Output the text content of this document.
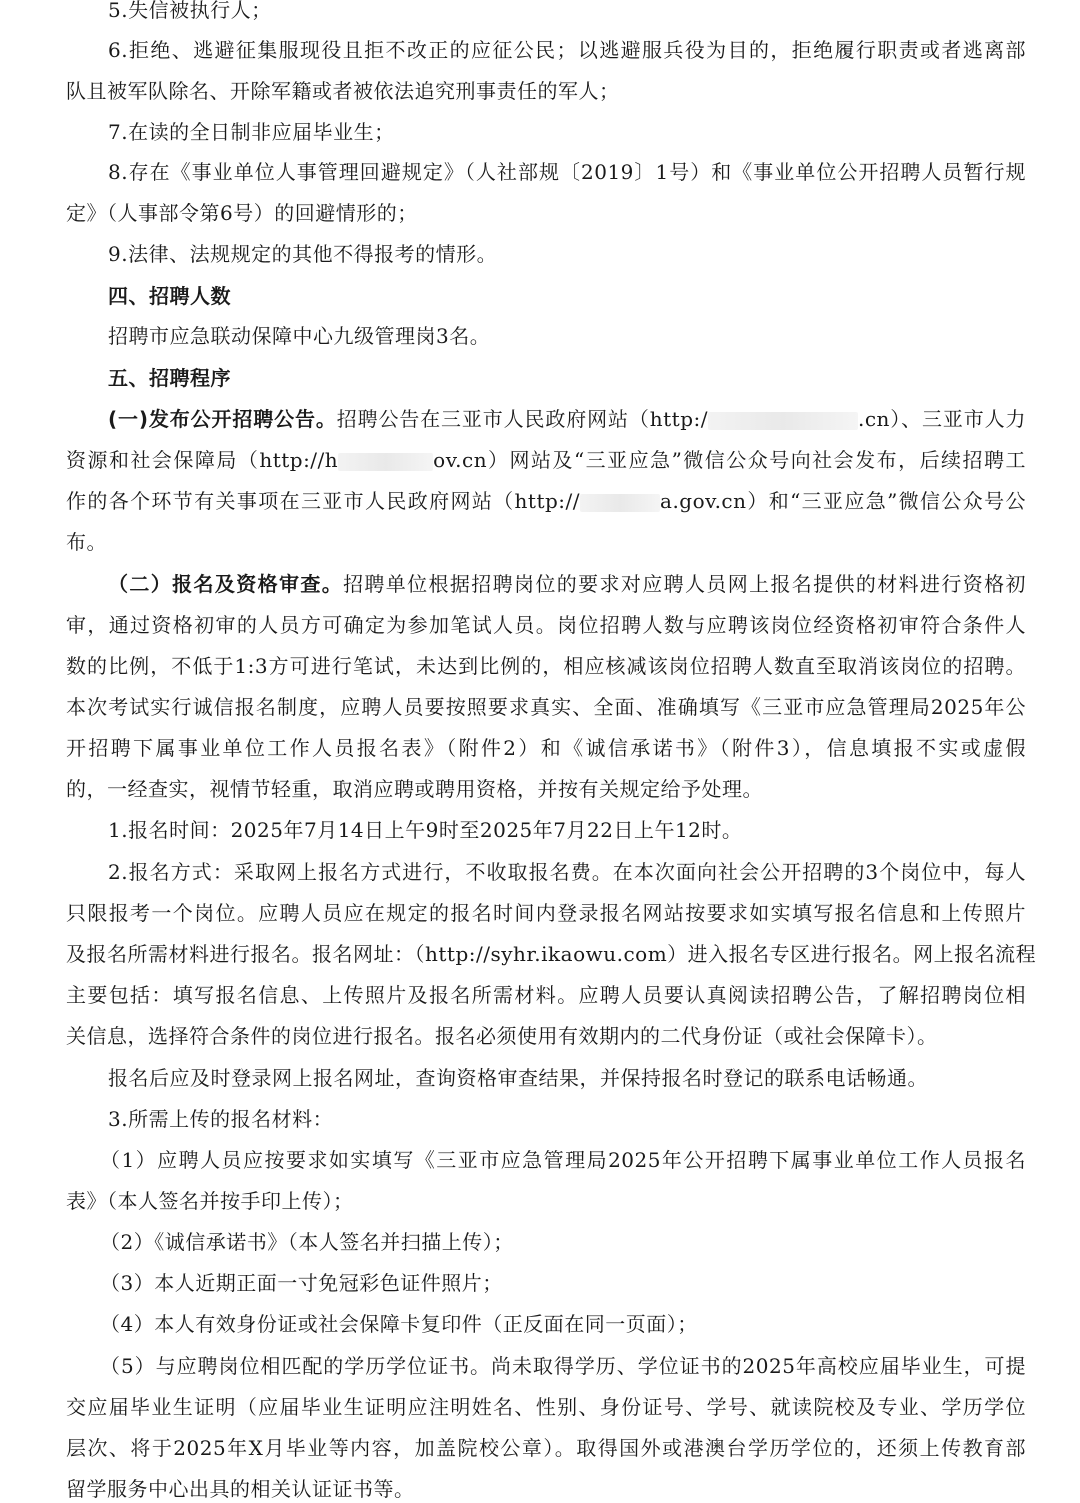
5.失信被执行人；
6.拒绝、逃避征集服现役且拒不改正的应征公民；以逃避服兵役为目的，拒绝履行职责或者逃离部
队且被军队除名、开除军籍或者被依法追究刑事责任的军人；
7.在读的全日制非应届毕业生；
8.存在《事业单位人事管理回避规定》（人社部规〔2019〕1号）和《事业单位公开招聘人员暂行规
定》（人事部令第6号）的回避情形的；
9.法律、法规规定的其他不得报考的情形。
四、招聘人数
招聘市应急联动保障中心九级管理岗3名。
五、招聘程序
(一)发布公开招聘公告。招聘公告在三亚市人民政府网站（http:/	.cn）、三亚市人力
资源和社会保障局（http://h	ov.cn）网站及“三亚应急”微信公众号向社会发布，后续招聘工
作的各个环节有关事项在三亚市人民政府网站（http://	a.gov.cn）和“三亚应急”微信公众号公
布。
（二）报名及资格审查。招聘单位根据招聘岗位的要求对应聘人员网上报名提供的材料进行资格初
审，通过资格初审的人员方可确定为参加笔试人员。岗位招聘人数与应聘该岗位经资格初审符合条件人
数的比例，不低于1:3方可进行笔试，未达到比例的，相应核减该岗位招聘人数直至取消该岗位的招聘。
本次考试实行诚信报名制度，应聘人员要按照要求真实、全面、准确填写《三亚市应急管理局2025年公
开招聘下属事业单位工作人员报名表》（附件2）和《诚信承诺书》（附件3），信息填报不实或虚假
的，一经查实，视情节轻重，取消应聘或聘用资格，并按有关规定给予处理。
1.报名时间：2025年7月14日上午9时至2025年7月22日上午12时。
2.报名方式：采取网上报名方式进行，不收取报名费。在本次面向社会公开招聘的3个岗位中，每人
只限报考一个岗位。应聘人员应在规定的报名时间内登录报名网站按要求如实填写报名信息和上传照片
及报名所需材料进行报名。报名网址：（http://syhr.ikaowu.com）进入报名专区进行报名。网上报名流程
主要包括：填写报名信息、上传照片及报名所需材料。应聘人员要认真阅读招聘公告，了解招聘岗位相
关信息，选择符合条件的岗位进行报名。报名必须使用有效期内的二代身份证（或社会保障卡）。
报名后应及时登录网上报名网址，查询资格审查结果，并保持报名时登记的联系电话畅通。
3.所需上传的报名材料：
（1）应聘人员应按要求如实填写《三亚市应急管理局2025年公开招聘下属事业单位工作人员报名
表》（本人签名并按手印上传）；
（2）《诚信承诺书》（本人签名并扫描上传）；
（3）本人近期正面一寸免冠彩色证件照片；
（4）本人有效身份证或社会保障卡复印件（正反面在同一页面）；
（5）与应聘岗位相匹配的学历学位证书。尚未取得学历、学位证书的2025年高校应届毕业生，可提
交应届毕业生证明（应届毕业生证明应注明姓名、性别、身份证号、学号、就读院校及专业、学历学位
层次、将于2025年X月毕业等内容，加盖院校公章）。取得国外或港澳台学历学位的，还须上传教育部
留学服务中心出具的相关认证证书等。
